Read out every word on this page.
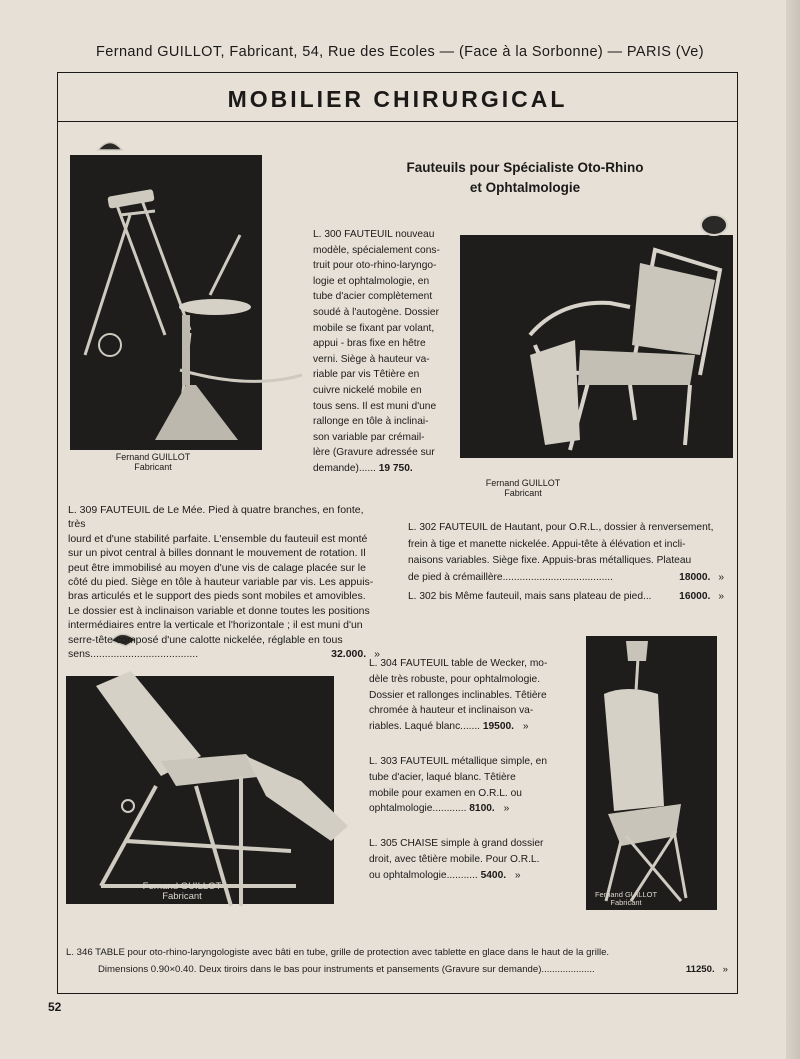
Fernand GUILLOT, Fabricant, 54, Rue des Ecoles — (Face à la Sorbonne) — PARIS (Ve)
MOBILIER CHIRURGICAL
Fauteuils pour Spécialiste Oto-Rhino
et Ophtalmologie
Fernand GUILLOT
Fabricant
Fernand GUILLOT
Fabricant
Fernand GUILLOT
Fabricant	Fernand GUILLOT
Fabricant
L. 300 FAUTEUIL nouveau
modèle, spécialement cons-
truit pour oto-rhino-laryngo-
logie et ophtalmologie, en
tube d'acier complètement
soudé à l'autogène. Dossier
mobile se fixant par volant,
appui - bras fixe en hêtre
verni. Siège à hauteur va-
riable par vis Têtière en
cuivre nickelé mobile en
tous sens. Il est muni d'une
rallonge en tôle à inclinai-
son variable par crémail-
lère (Gravure adressée sur
demande)...... 19 750.
L. 309 FAUTEUIL de Le Mée. Pied à quatre branches, en fonte, très
lourd et d'une stabilité parfaite. L'ensemble du fauteuil est monté
sur un pivot central à billes donnant le mouvement de rotation. Il
peut être immobilisé au moyen d'une vis de calage placée sur le
côté du pied. Siège en tôle à hauteur variable par vis. Les appuis-
bras articulés et le support des pieds sont mobiles et amovibles.
Le dossier est à inclinaison variable et donne toutes les positions
intermédiaires entre la verticale et l'horizontale ; il est muni d'un
serre-tête composé d'une calotte nickelée, réglable en tous
sens.....................................	32.000. »
L. 302 FAUTEUIL de Hautant, pour O.R.L., dossier à renversement,
frein à tige et manette nickelée. Appui-tête à élévation et incli-
naisons variables. Siège fixe. Appuis-bras métalliques. Plateau
de pied à crémaillère.......................................	18000. »
L. 302 bis Même fauteuil, mais sans plateau de pied...	16000. »
L. 304 FAUTEUIL table de Wecker, mo-
dèle très robuste, pour ophtalmologie.
Dossier et rallonges inclinables. Têtière
chromée à hauteur et inclinaison va-
riables. Laqué blanc....... 19500. »
L. 303 FAUTEUIL métallique simple, en
tube d'acier, laqué blanc. Têtière
mobile pour examen en O.R.L. ou
ophtalmologie............ 8100. »
L. 305 CHAISE simple à grand dossier
droit, avec têtière mobile. Pour O.R.L.
ou ophtalmologie........... 5400. »
L. 346 TABLE pour oto-rhino-laryngologiste avec bâti en tube, grille de protection avec tablette en glace dans le haut de la grille.
Dimensions 0.90×0.40. Deux tiroirs dans le bas pour instruments et pansements (Gravure sur demande)....................	11250. »
52
